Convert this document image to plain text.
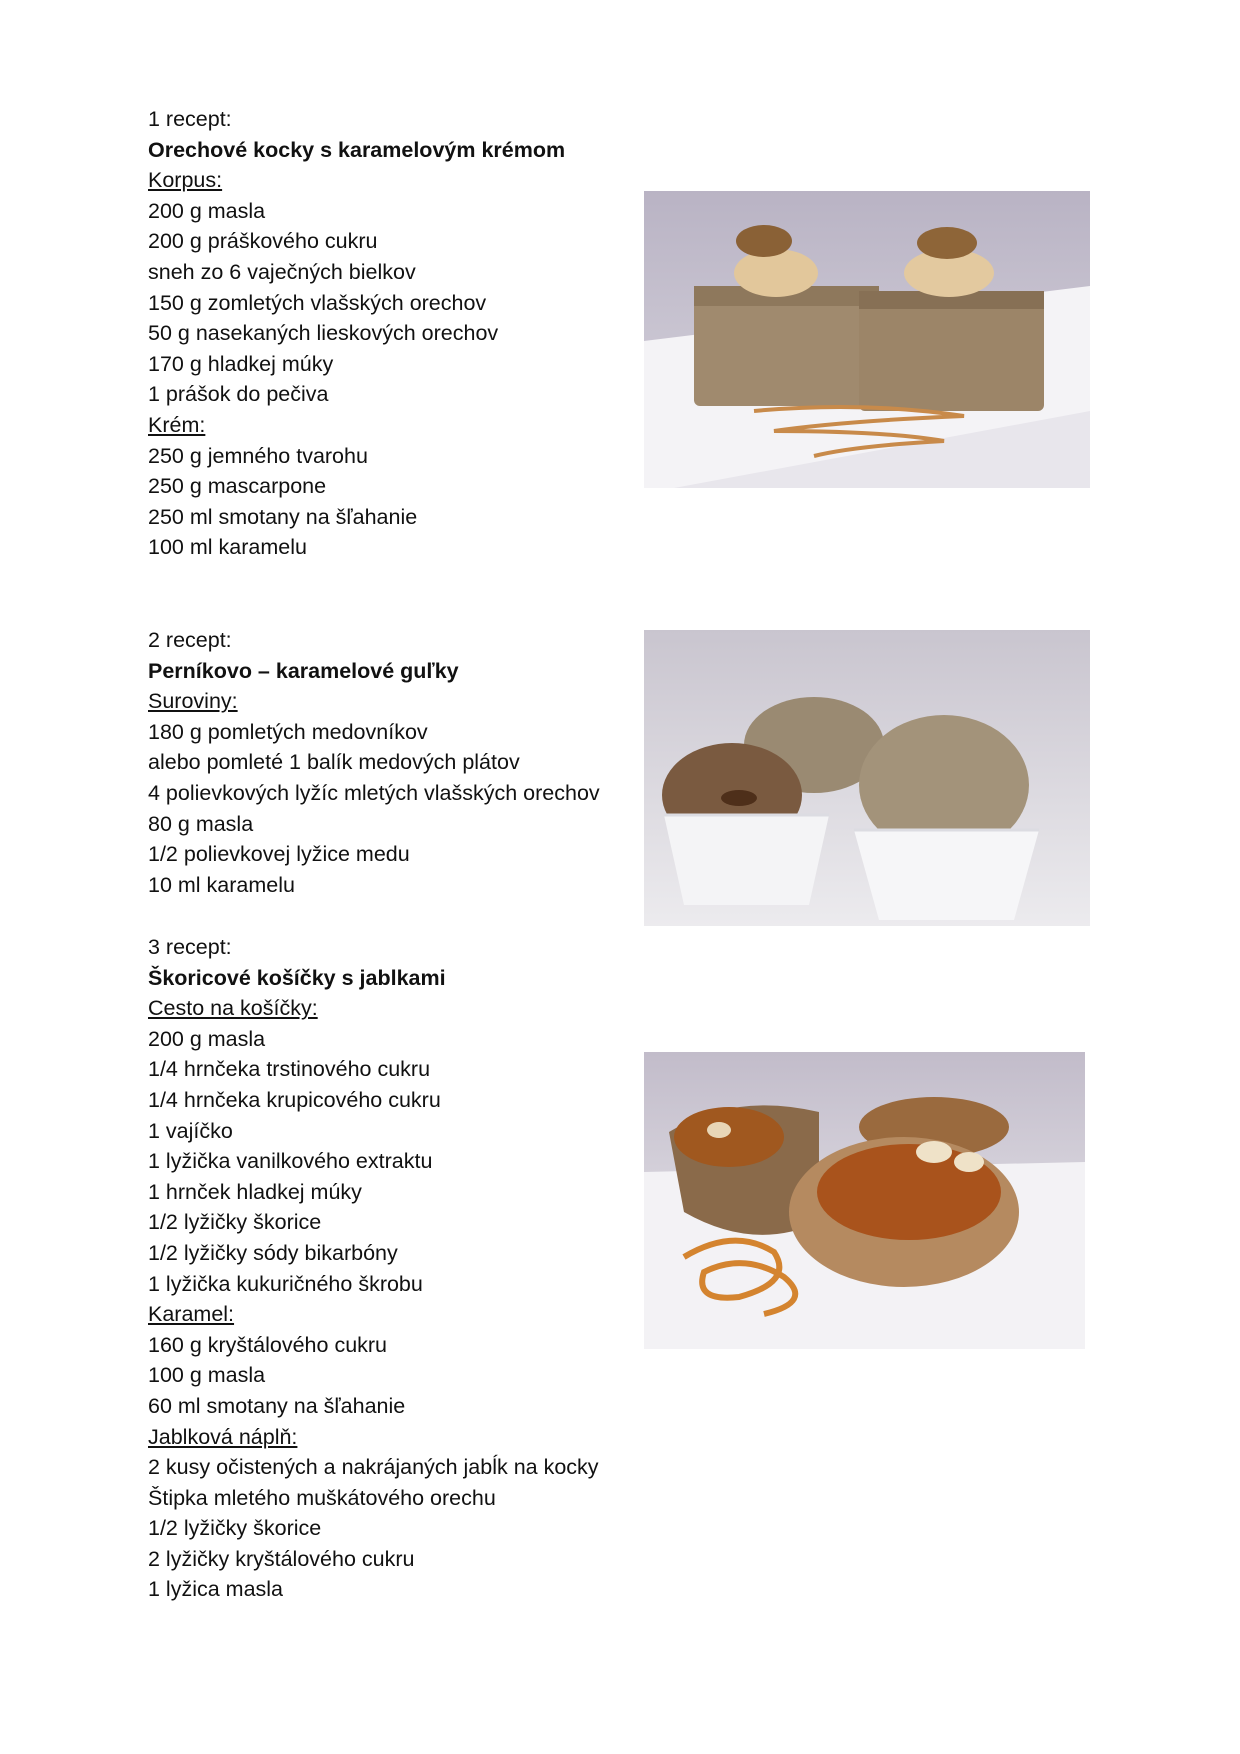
1 recept:
Orechové kocky s karamelovým krémom
Korpus:
200 g masla
200 g práškového cukru
sneh zo 6 vaječných bielkov
150 g zomletých vlašských orechov
50 g nasekaných lieskových orechov
170 g hladkej múky
1 prášok do pečiva
Krém:
250 g jemného tvarohu
250 g mascarpone
250 ml smotany na šľahanie
100 ml karamelu
2 recept:
Perníkovo – karamelové guľky
Suroviny:
180 g pomletých medovníkov
alebo pomleté 1 balík medových plátov
4 polievkových lyžíc mletých vlašských orechov
80 g masla
1/2 polievkovej lyžice medu
10 ml karamelu
3 recept:
Škoricové košíčky s jablkami
Cesto na košíčky:
200 g masla
1/4 hrnčeka trstinového cukru
1/4 hrnčeka krupicového cukru
1 vajíčko
1 lyžička vanilkového extraktu
1 hrnček hladkej múky
1/2 lyžičky škorice
1/2 lyžičky sódy bikarbóny
1 lyžička kukuričného škrobu
Karamel:
160 g kryštálového cukru
100 g masla
60 ml smotany na šľahanie
Jablková náplň:
2 kusy očistených a nakrájaných jabĺk na kocky
Štipka mletého muškátového orechu
1/2 lyžičky škorice
2 lyžičky kryštálového cukru
1 lyžica masla
